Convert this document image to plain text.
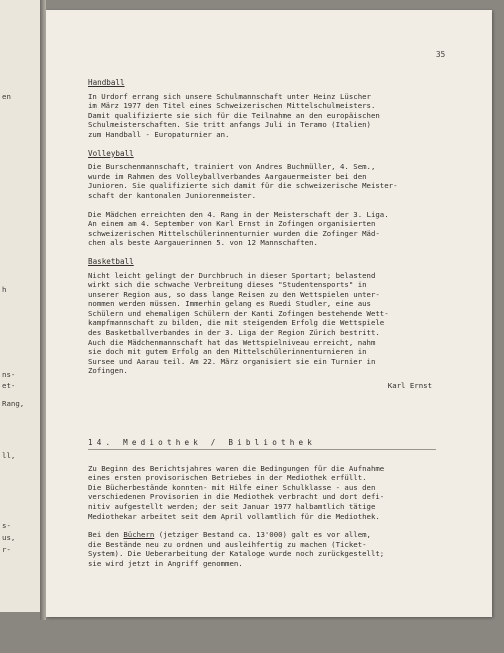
en
h
ns-
et-
Rang,
ll,
s-
us,
r-
35
Handball
In Urdorf errang sich unsere Schulmannschaft unter Heinz Lüscher
im März 1977 den Titel eines Schweizerischen Mittelschulmeisters.
Damit qualifizierte sie sich für die Teilnahme an den europäischen
Schulmeisterschaften. Sie tritt anfangs Juli in Teramo (Italien)
zum Handball - Europaturnier an.
Volleyball
Die Burschenmannschaft, trainiert von Andres Buchmüller, 4. Sem.,
wurde im Rahmen des Volleyballverbandes Aargauermeister bei den
Junioren. Sie qualifizierte sich damit für die schweizerische Meister-
schaft der kantonalen Juniorenmeister.
Die Mädchen erreichten den 4. Rang in der Meisterschaft der 3. Liga.
An einem am 4. September von Karl Ernst in Zofingen organisierten
schweizerischen Mittelschülerinnenturnier wurden die Zofinger Mäd-
chen als beste Aargauerinnen 5. von 12 Mannschaften.
Basketball
Nicht leicht gelingt der Durchbruch in dieser Sportart; belastend
wirkt sich die schwache Verbreitung dieses "Studentensports" in
unserer Region aus, so dass lange Reisen zu den Wettspielen unter-
nommen werden müssen. Immerhin gelang es Ruedi Studler, eine aus
Schülern und ehemaligen Schülern der Kanti Zofingen bestehende Wett-
kampfmannschaft zu bilden, die mit steigendem Erfolg die Wettspiele
des Basketballverbandes in der 3. Liga der Region Zürich bestritt.
Auch die Mädchenmannschaft hat das Wettspielniveau erreicht, nahm
sie doch mit gutem Erfolg an den Mittelschülerinnenturnieren in
Sursee und Aarau teil. Am 22. März organisiert sie ein Turnier in
Zofingen.
Karl Ernst
14. Mediothek / Bibliothek
Zu Beginn des Berichtsjahres waren die Bedingungen für die Aufnahme
eines ersten provisorischen Betriebes in der Mediothek erfüllt.
Die Bücherbestände konnten- mit Hilfe einer Schulklasse - aus den
verschiedenen Provisorien in die Mediothek verbracht und dort defi-
nitiv aufgestellt werden; der seit Januar 1977 halbamtlich tätige
Mediothekar arbeitet seit dem April vollamtlich für die Mediothek.
Bei den Büchern (jetziger Bestand ca. 13'000) galt es vor allem,
die Bestände neu zu ordnen und ausleihfertig zu machen (Ticket-
System). Die Ueberarbeitung der Kataloge wurde noch zurückgestellt;
sie wird jetzt in Angriff genommen.
